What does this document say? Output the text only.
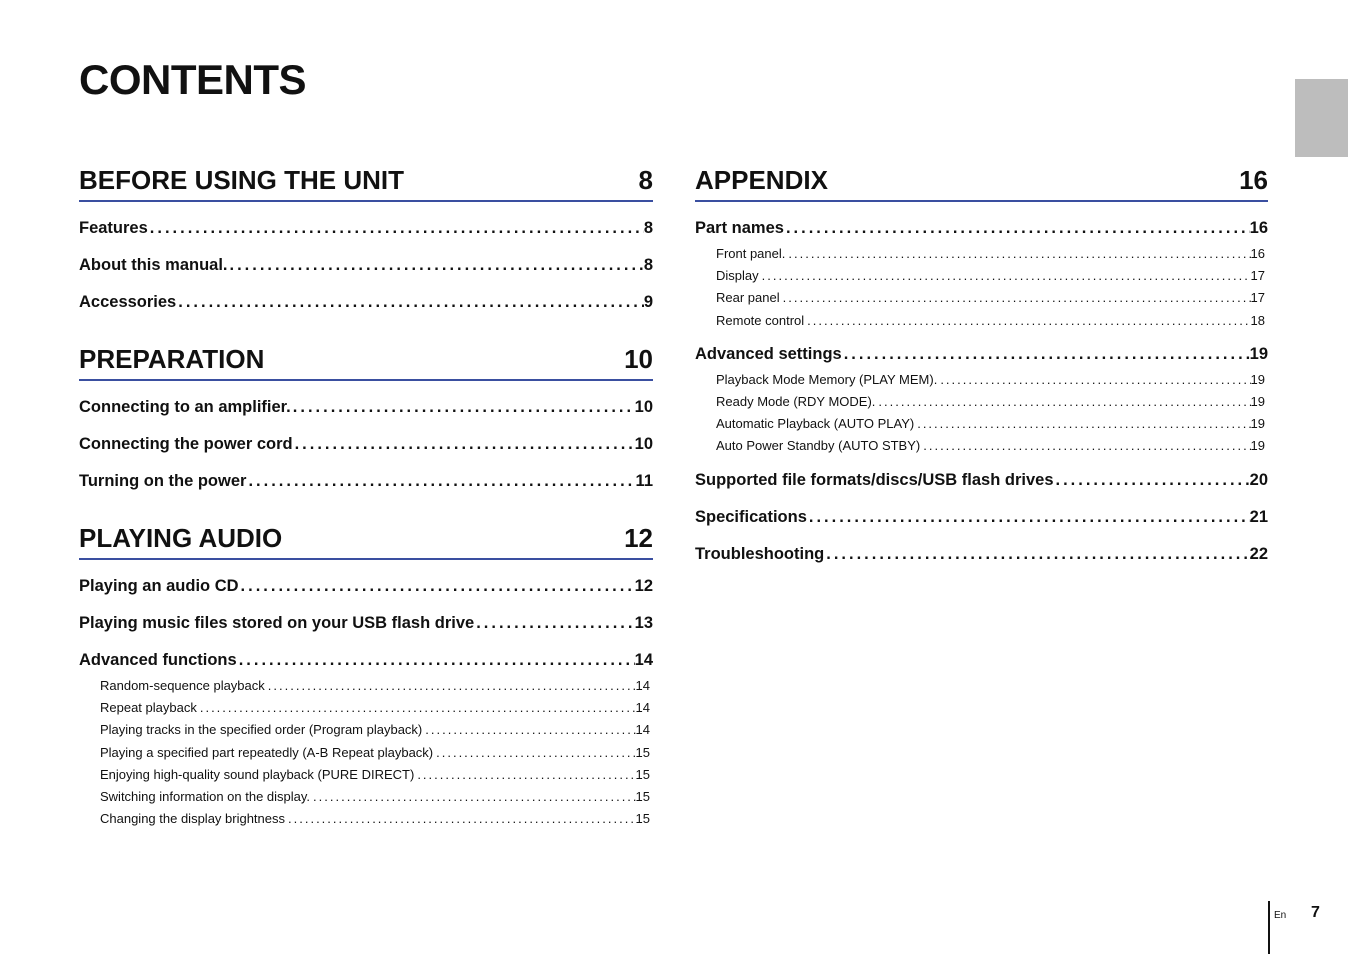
CONTENTS
BEFORE USING THE UNIT	8
Features .....	8
About this manual. .....	8
Accessories .....	9
PREPARATION	10
Connecting to an amplifier. .....	10
Connecting the power cord .....	10
Turning on the power .....	11
PLAYING AUDIO	12
Playing an audio CD .....	12
Playing music files stored on your USB flash drive .....	13
Advanced functions .....	14
Random-sequence playback .....	14
Repeat playback .....	14
Playing tracks in the specified order (Program playback) .....	14
Playing a specified part repeatedly (A-B Repeat playback) .....	15
Enjoying high-quality sound playback (PURE DIRECT) .....	15
Switching information on the display. .....	15
Changing the display brightness .....	15
APPENDIX	16
Part names .....	16
Front panel. .....	16
Display .....	17
Rear panel .....	17
Remote control .....	18
Advanced settings .....	19
Playback Mode Memory (PLAY MEM). .....	19
Ready Mode (RDY MODE). .....	19
Automatic Playback (AUTO PLAY) .....	19
Auto Power Standby (AUTO STBY) .....	19
Supported file formats/discs/USB flash drives .....	20
Specifications .....	21
Troubleshooting .....	22
En 7
